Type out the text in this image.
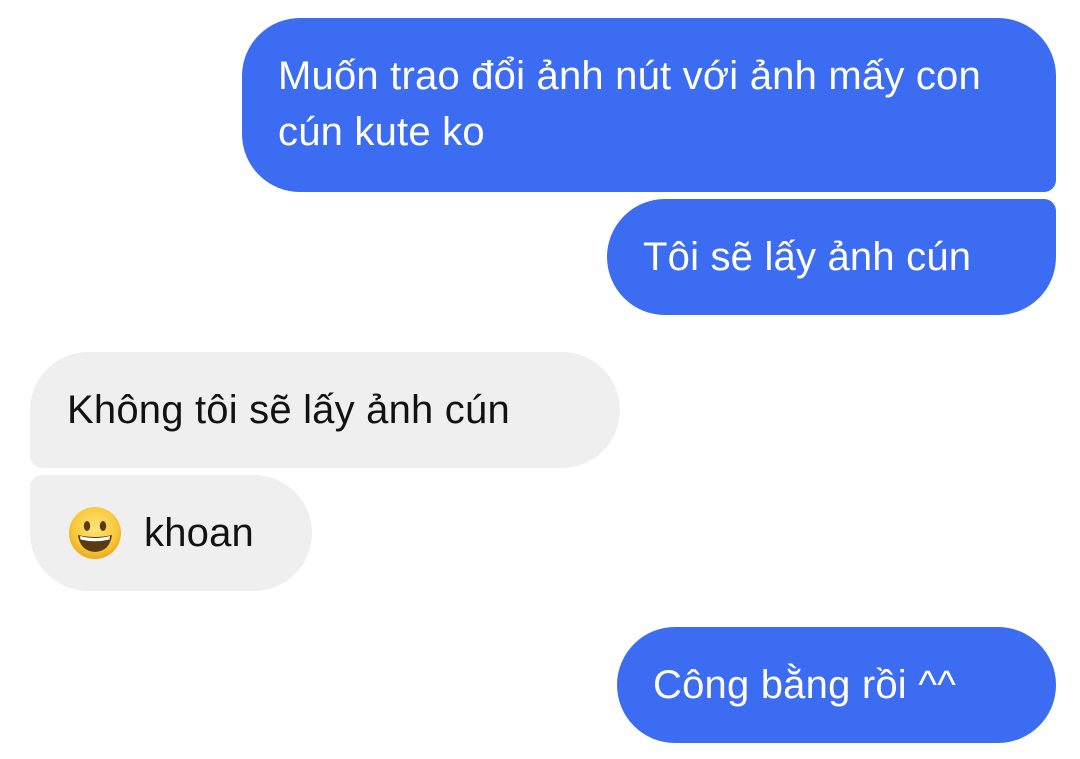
Muốn trao đổi ảnh nút với ảnh mấy con cún kute ko
Tôi sẽ lấy ảnh cún
Không tôi sẽ lấy ảnh cún
khoan
Công bằng rồi ^^
